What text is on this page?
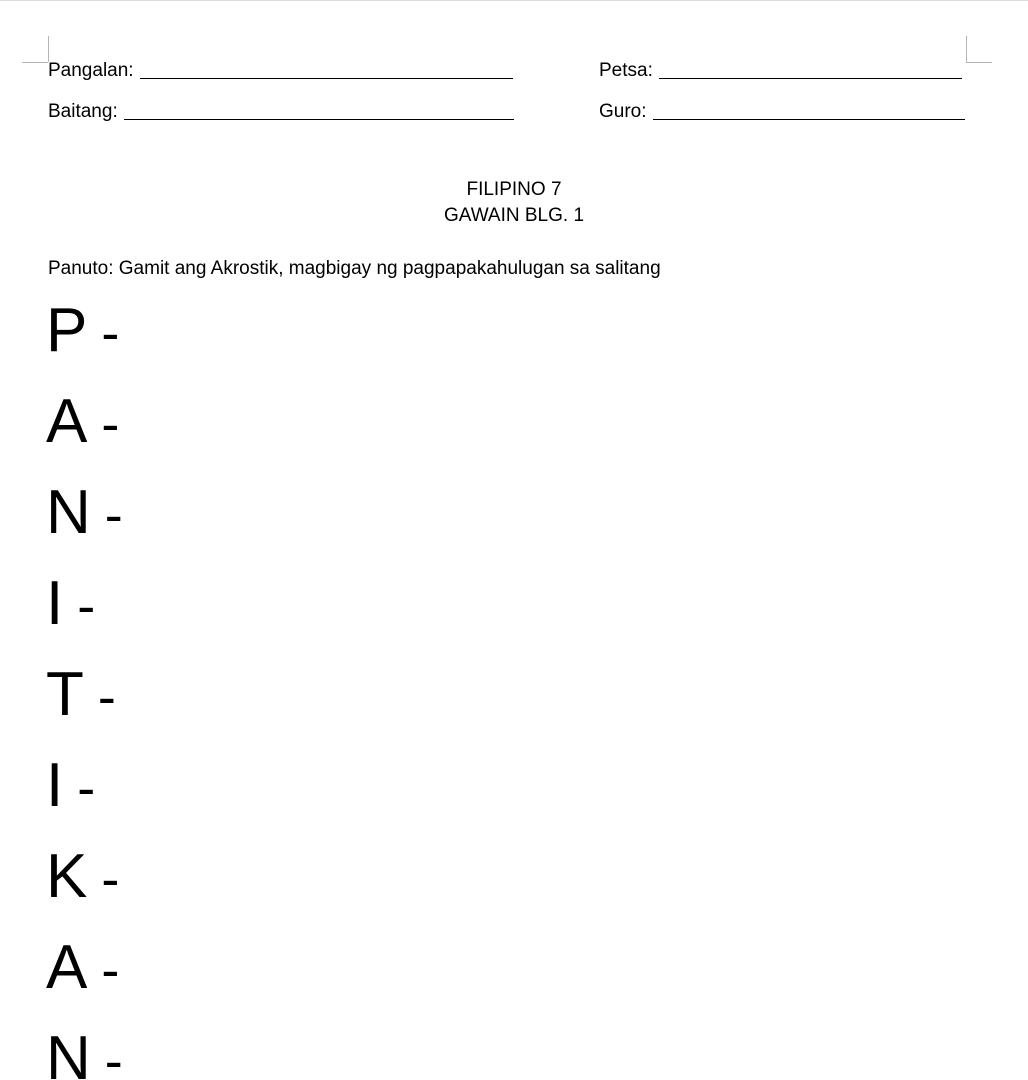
Pangalan:	Petsa:
Baitang:	Guro:
FILIPINO 7
GAWAIN BLG. 1
Panuto: Gamit ang Akrostik, magbigay ng pagpapakahulugan sa salitang
P -
A -
N -
I -
T -
I -
K -
A -
N -
